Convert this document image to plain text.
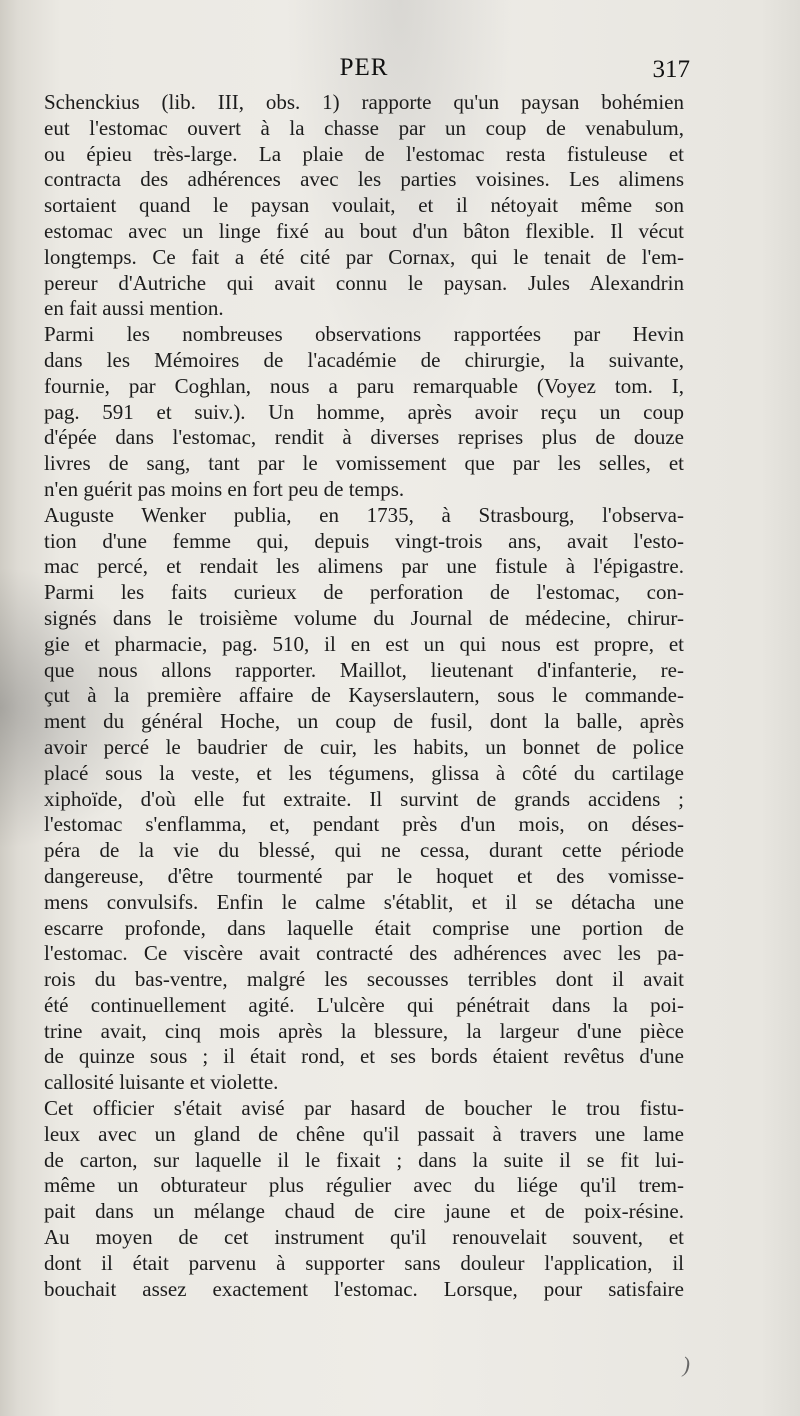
PER	317
Schenckius (lib. III, obs. 1) rapporte qu'un paysan bohémien
eut l'estomac ouvert à la chasse par un coup de venabulum,
ou épieu très-large. La plaie de l'estomac resta fistuleuse et
contracta des adhérences avec les parties voisines. Les alimens
sortaient quand le paysan voulait, et il nétoyait même son
estomac avec un linge fixé au bout d'un bâton flexible. Il vécut
longtemps. Ce fait a été cité par Cornax, qui le tenait de l'em-
pereur d'Autriche qui avait connu le paysan. Jules Alexandrin
en fait aussi mention.
Parmi les nombreuses observations rapportées par Hevin
dans les Mémoires de l'académie de chirurgie, la suivante,
fournie, par Coghlan, nous a paru remarquable (Voyez tom. I,
pag. 591 et suiv.). Un homme, après avoir reçu un coup
d'épée dans l'estomac, rendit à diverses reprises plus de douze
livres de sang, tant par le vomissement que par les selles, et
n'en guérit pas moins en fort peu de temps.
Auguste Wenker publia, en 1735, à Strasbourg, l'observa-
tion d'une femme qui, depuis vingt-trois ans, avait l'esto-
mac percé, et rendait les alimens par une fistule à l'épigastre.
Parmi les faits curieux de perforation de l'estomac, con-
signés dans le troisième volume du Journal de médecine, chirur-
gie et pharmacie, pag. 510, il en est un qui nous est propre, et
que nous allons rapporter. Maillot, lieutenant d'infanterie, re-
çut à la première affaire de Kayserslautern, sous le commande-
ment du général Hoche, un coup de fusil, dont la balle, après
avoir percé le baudrier de cuir, les habits, un bonnet de police
placé sous la veste, et les tégumens, glissa à côté du cartilage
xiphoïde, d'où elle fut extraite. Il survint de grands accidens ;
l'estomac s'enflamma, et, pendant près d'un mois, on déses-
péra de la vie du blessé, qui ne cessa, durant cette période
dangereuse, d'être tourmenté par le hoquet et des vomisse-
mens convulsifs. Enfin le calme s'établit, et il se détacha une
escarre profonde, dans laquelle était comprise une portion de
l'estomac. Ce viscère avait contracté des adhérences avec les pa-
rois du bas-ventre, malgré les secousses terribles dont il avait
été continuellement agité. L'ulcère qui pénétrait dans la poi-
trine avait, cinq mois après la blessure, la largeur d'une pièce
de quinze sous ; il était rond, et ses bords étaient revêtus d'une
callosité luisante et violette.
Cet officier s'était avisé par hasard de boucher le trou fistu-
leux avec un gland de chêne qu'il passait à travers une lame
de carton, sur laquelle il le fixait ; dans la suite il se fit lui-
même un obturateur plus régulier avec du liége qu'il trem-
pait dans un mélange chaud de cire jaune et de poix-résine.
Au moyen de cet instrument qu'il renouvelait souvent, et
dont il était parvenu à supporter sans douleur l'application, il
bouchait assez exactement l'estomac. Lorsque, pour satisfaire
)
